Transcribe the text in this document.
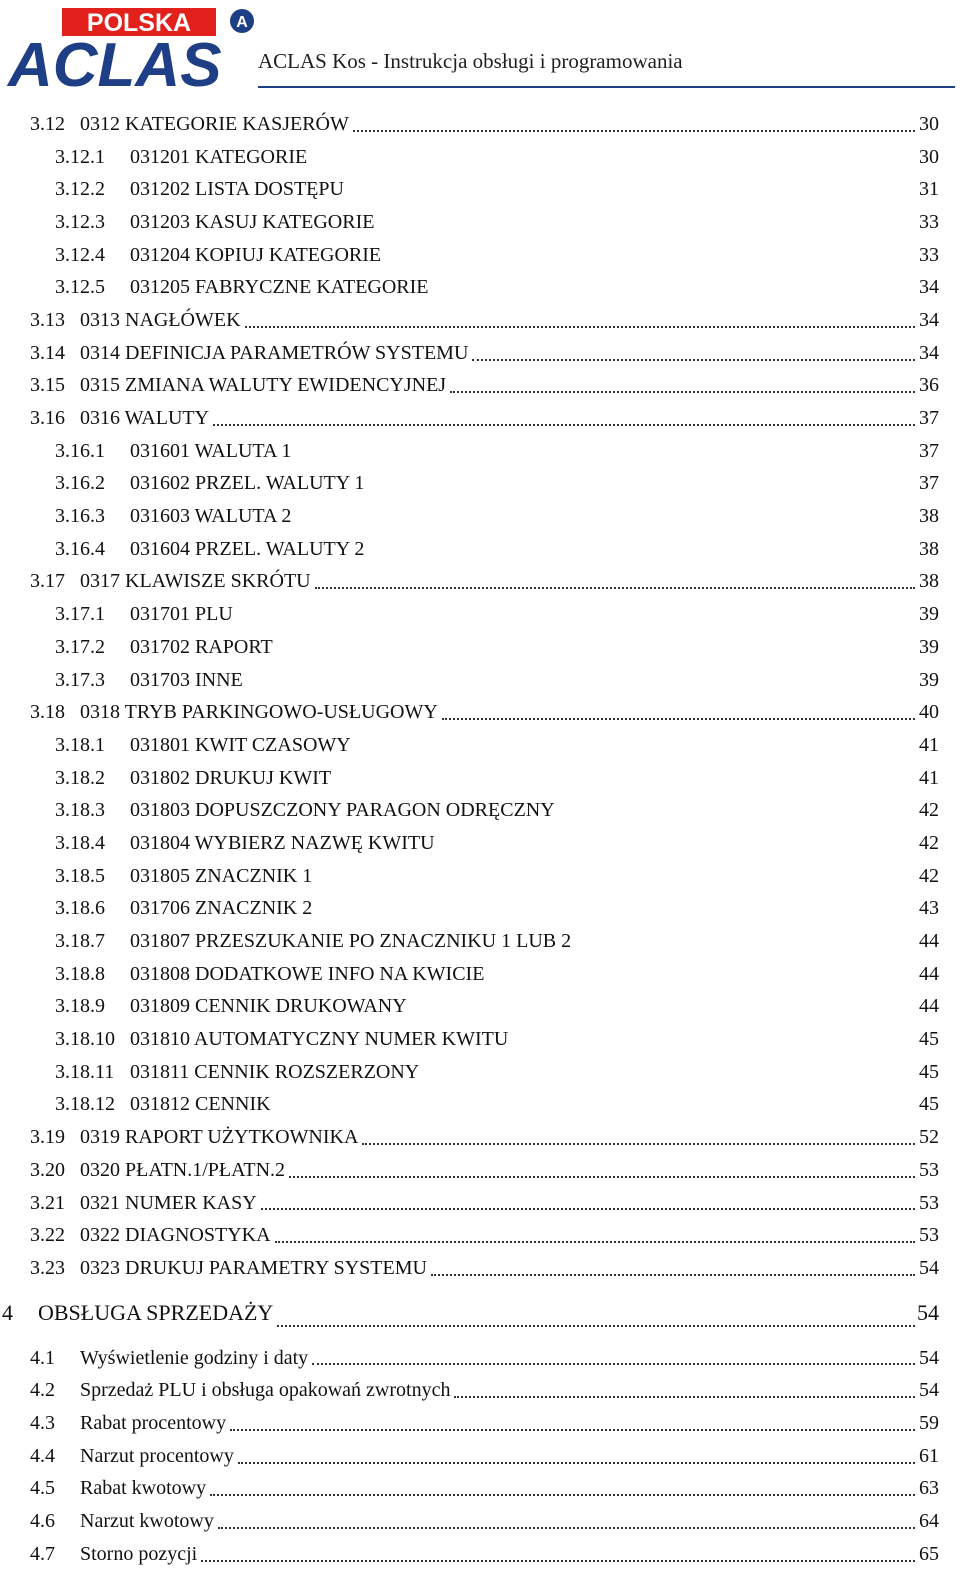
POLSKA	A
ACLAS ACLAS Kos - Instrukcja obsługi i programowania
3.12 0312 KATEGORIE KASJERÓW	30
3.12.1	031201 KATEGORIE	30
3.12.2	031202 LISTA DOSTĘPU	31
3.12.3	031203 KASUJ KATEGORIE	33
3.12.4	031204 KOPIUJ KATEGORIE	33
3.12.5	031205 FABRYCZNE KATEGORIE	34
3.13 0313 NAGŁÓWEK	34
3.14 0314 DEFINICJA PARAMETRÓW SYSTEMU	34
3.15 0315 ZMIANA WALUTY EWIDENCYJNEJ	36
3.16 0316 WALUTY	37
3.16.1	031601 WALUTA 1	37
3.16.2	031602 PRZEL. WALUTY 1	37
3.16.3	031603 WALUTA 2	38
3.16.4	031604 PRZEL. WALUTY 2	38
3.17 0317 KLAWISZE SKRÓTU	38
3.17.1	031701 PLU	39
3.17.2	031702 RAPORT	39
3.17.3	031703 INNE	39
3.18 0318 TRYB PARKINGOWO-USŁUGOWY	40
3.18.1	031801 KWIT CZASOWY	41
3.18.2	031802 DRUKUJ KWIT	41
3.18.3	031803 DOPUSZCZONY PARAGON ODRĘCZNY	42
3.18.4	031804 WYBIERZ NAZWĘ KWITU	42
3.18.5	031805 ZNACZNIK 1	42
3.18.6	031706 ZNACZNIK 2	43
3.18.7	031807 PRZESZUKANIE PO ZNACZNIKU 1 LUB 2	44
3.18.8	031808 DODATKOWE INFO NA KWICIE	44
3.18.9	031809 CENNIK DRUKOWANY	44
3.18.10 031810 AUTOMATYCZNY NUMER KWITU	45
3.18.11 031811 CENNIK ROZSZERZONY	45
3.18.12 031812 CENNIK	45
3.19 0319 RAPORT UŻYTKOWNIKA	52
3.20 0320 PŁATN.1/PŁATN.2	53
3.21 0321 NUMER KASY	53
3.22 0322 DIAGNOSTYKA	53
3.23 0323 DRUKUJ PARAMETRY SYSTEMU	54
4	OBSŁUGA SPRZEDAŻY	54
4.1	Wyświetlenie godziny i daty	54
4.2	Sprzedaż PLU i obsługa opakowań zwrotnych	54
4.3	Rabat procentowy	59
4.4	Narzut procentowy	61
4.5	Rabat kwotowy	63
4.6	Narzut kwotowy	64
4.7	Storno pozycji	65
